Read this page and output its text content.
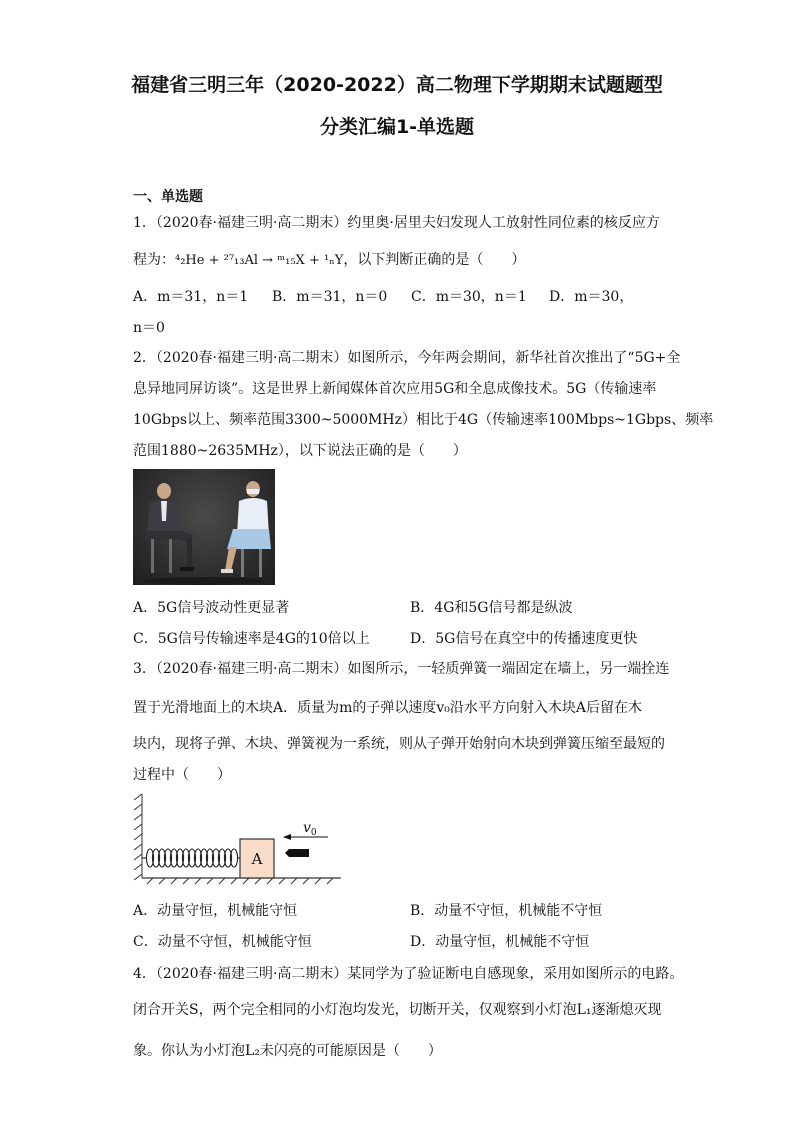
福建省三明三年（2020-2022）高二物理下学期期末试题题型
分类汇编1-单选题
一、单选题
1．（2020春·福建三明·高二期末）约里奥·居里夫妇发现人工放射性同位素的核反应方
程为：⁴₂He + ²⁷₁₃Al → ᵐ₁₅X + ¹ₙY，以下判断正确的是（　　）
A．m＝31，n＝1 B．m＝31，n＝0 C．m＝30，n＝1 D．m＝30，
n＝0
2．（2020春·福建三明·高二期末）如图所示，今年两会期间，新华社首次推出了“5G+全
息异地同屏访谈”。这是世界上新闻媒体首次应用5G和全息成像技术。5G（传输速率
10Gbps以上、频率范围3300~5000MHz）相比于4G（传输速率100Mbps~1Gbps、频率
范围1880~2635MHz），以下说法正确的是（　　）
A．5G信号波动性更显著	B．4G和5G信号都是纵波
C．5G信号传输速率是4G的10倍以上	D．5G信号在真空中的传播速度更快
3．（2020春·福建三明·高二期末）如图所示，一轻质弹簧一端固定在墙上，另一端拴连
置于光滑地面上的木块A．质量为m的子弹以速度v₀沿水平方向射入木块A后留在木
块内，现将子弹、木块、弹簧视为一系统，则从子弹开始射向木块到弹簧压缩至最短的
过程中（　　）
A
$v_0$
A．动量守恒，机械能守恒	B．动量不守恒，机械能不守恒
C．动量不守恒，机械能守恒	D．动量守恒，机械能不守恒
4．（2020春·福建三明·高二期末）某同学为了验证断电自感现象，采用如图所示的电路。
闭合开关S，两个完全相同的小灯泡均发光，切断开关，仅观察到小灯泡L₁逐渐熄灭现
象。你认为小灯泡L₂未闪亮的可能原因是（　　）
